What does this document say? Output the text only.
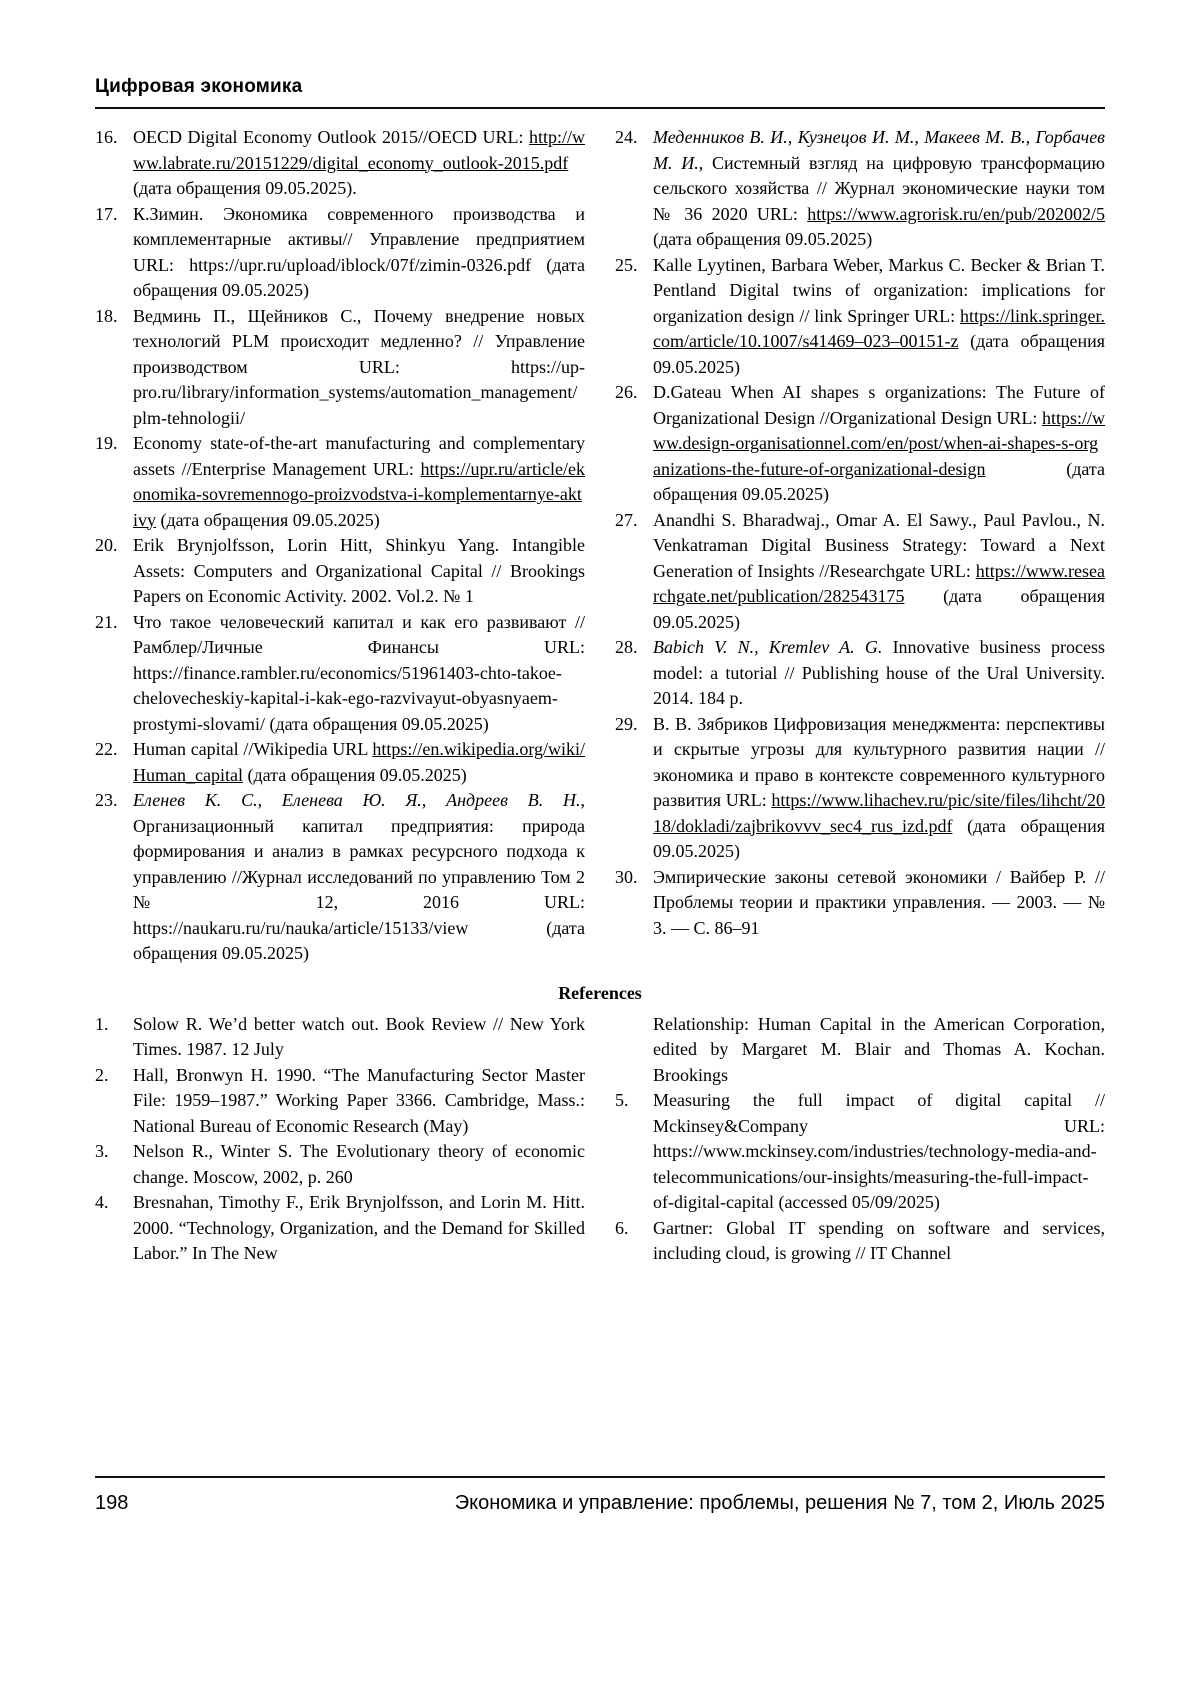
Цифровая экономика
16. OECD Digital Economy Outlook 2015//OECD URL: http://www.labrate.ru/20151229/digital_economy_outlook-2015.pdf (дата обращения 09.05.2025).
17. К.Зимин. Экономика современного производства и комплементарные активы// Управление предприятием URL: https://upr.ru/upload/iblock/07f/zimin-0326.pdf (дата обращения 09.05.2025)
18. Ведминь П., Щейников С., Почему внедрение новых технологий PLM происходит медленно? // Управление производством URL: https://up-pro.ru/library/information_systems/automation_management/plm-tehnologii/
19. Economy state-of-the-art manufacturing and complementary assets //Enterprise Management URL: https://upr.ru/article/ekonomika-sovremennogo-proizvodstva-i-komplementarnye-aktivy (дата обращения 09.05.2025)
20. Erik Brynjolfsson, Lorin Hitt, Shinkyu Yang. Intangible Assets: Computers and Organizational Capital // Brookings Papers on Economic Activity. 2002. Vol.2. № 1
21. Что такое человеческий капитал и как его развивают // Рамблер/Личные Финансы URL: https://finance.rambler.ru/economics/51961403-chto-takoe-chelovecheskiy-kapital-i-kak-ego-razvivayut-obyasnyaem-prostymi-slovami/ (дата обращения 09.05.2025)
22. Human capital //Wikipedia URL https://en.wikipedia.org/wiki/Human_capital (дата обращения 09.05.2025)
23. Еленев К. С., Еленева Ю. Я., Андреев В. Н., Организационный капитал предприятия: природа формирования и анализ в рамках ресурсного подхода к управлению //Журнал исследований по управлению Том 2 № 12, 2016 URL: https://naukaru.ru/ru/nauka/article/15133/view (дата обращения 09.05.2025)
24. Меденников В. И., Кузнецов И. М., Макеев М. В., Горбачев М. И., Системный взгляд на цифровую трансформацию сельского хозяйства // Журнал экономические науки том № 36 2020 URL: https://www.agrorisk.ru/en/pub/202002/5 (дата обращения 09.05.2025)
25. Kalle Lyytinen, Barbara Weber, Markus C. Becker & Brian T. Pentland Digital twins of organization: implications for organization design // link Springer URL: https://link.springer.com/article/10.1007/s41469–023–00151-z (дата обращения 09.05.2025)
26. D.Gateau When AI shapes s organizations: The Future of Organizational Design //Organizational Design URL: https://www.design-organisationnel.com/en/post/when-ai-shapes-s-organizations-the-future-of-organizational-design (дата обращения 09.05.2025)
27. Anandhi S. Bharadwaj., Omar A. El Sawy., Paul Pavlou., N. Venkatraman Digital Business Strategy: Toward a Next Generation of Insights //Researchgate URL: https://www.researchgate.net/publication/282543175 (дата обращения 09.05.2025)
28. Babich V. N., Kremlev A. G. Innovative business process model: a tutorial // Publishing house of the Ural University. 2014. 184 p.
29. В. В. Зябриков Цифровизация менеджмента: перспективы и скрытые угрозы для культурного развития нации // экономика и право в контексте современного культурного развития URL: https://www.lihachev.ru/pic/site/files/lihcht/2018/dokladi/zajbrikovvv_sec4_rus_izd.pdf (дата обращения 09.05.2025)
30. Эмпирические законы сетевой экономики / Вайбер Р. // Проблемы теории и практики управления. — 2003. — № 3. — С. 86–91
References
1. Solow R. We’d better watch out. Book Review // New York Times. 1987. 12 July
2. Hall, Bronwyn H. 1990. “The Manufacturing Sector Master File: 1959–1987.” Working Paper 3366. Cambridge, Mass.: National Bureau of Economic Research (May)
3. Nelson R., Winter S. The Evolutionary theory of economic change. Moscow, 2002, p. 260
4. Bresnahan, Timothy F., Erik Brynjolfsson, and Lorin M. Hitt. 2000. “Technology, Organization, and the Demand for Skilled Labor.” In The New
Relationship: Human Capital in the American Corporation, edited by Margaret M. Blair and Thomas A. Kochan. Brookings
5. Measuring the full impact of digital capital // Mckinsey&Company URL: https://www.mckinsey.com/industries/technology-media-and-telecommunications/our-insights/measuring-the-full-impact-of-digital-capital (accessed 05/09/2025)
6. Gartner: Global IT spending on software and services, including cloud, is growing // IT Channel
198	Экономика и управление: проблемы, решения № 7, том 2, Июль 2025
